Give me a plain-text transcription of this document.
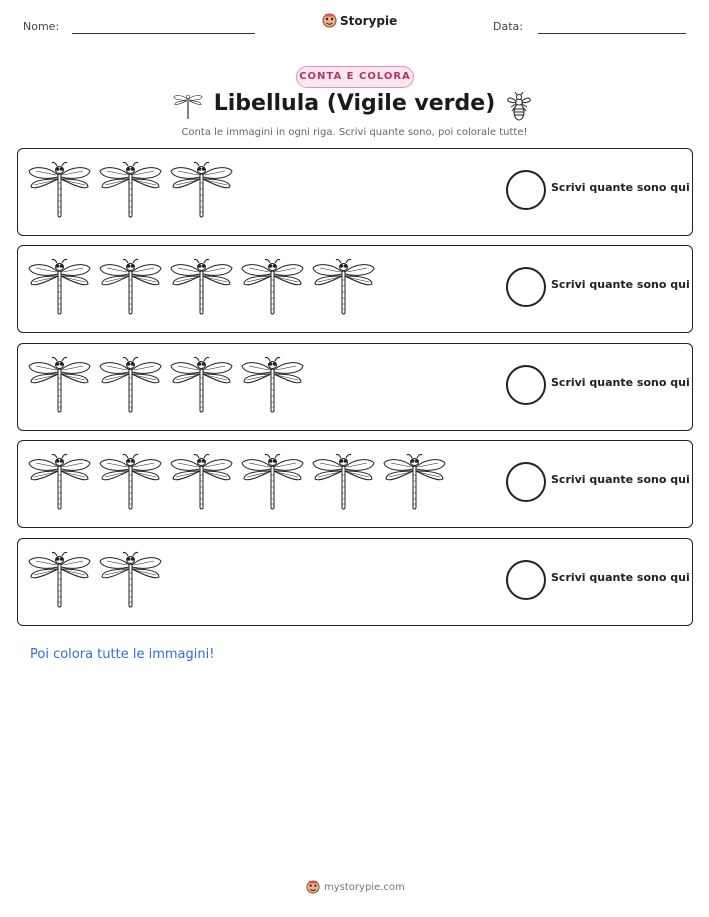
Nome:	Storypie	Data:
CONTA E COLORA
Libellula (Vigile verde)
Conta le immagini in ogni riga. Scrivi quante sono, poi colorale tutte!
Scrivi quante sono qui
Scrivi quante sono qui
Scrivi quante sono qui
Scrivi quante sono qui
Scrivi quante sono qui
Poi colora tutte le immagini!
mystorypie.com
